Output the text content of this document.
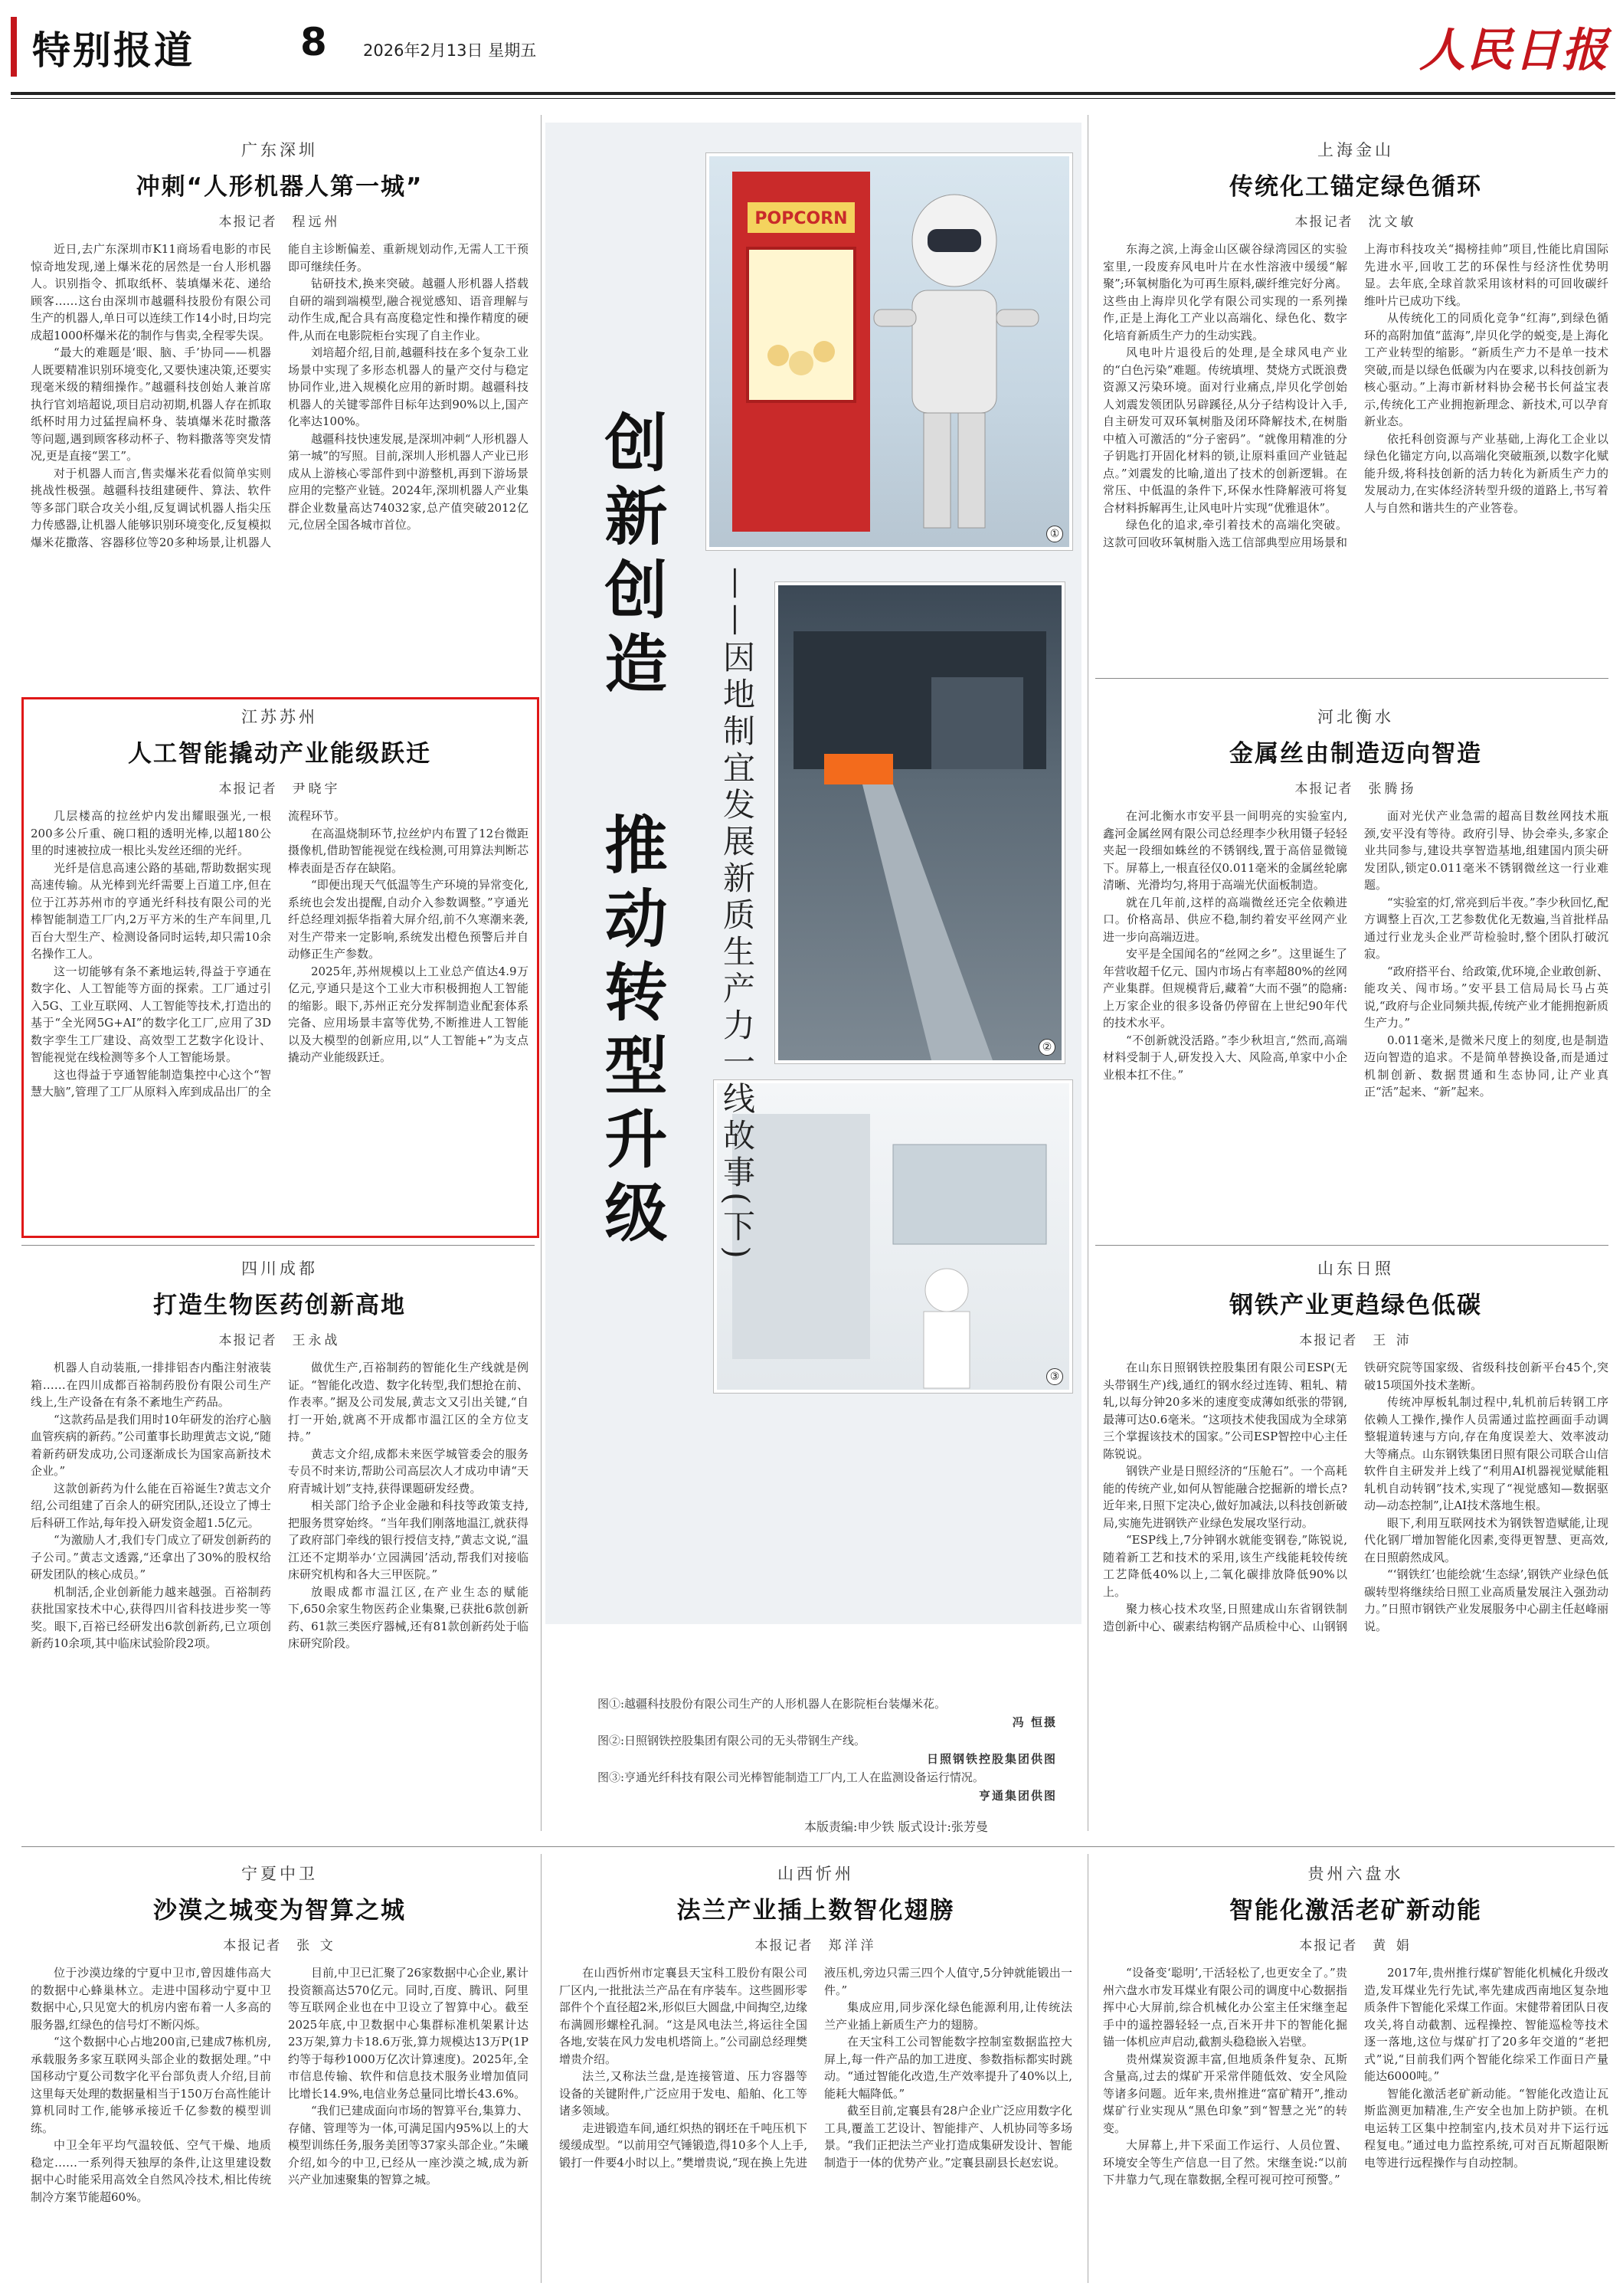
特别报道	8 2026年2月13日 星期五	人民日报
广东深圳
冲刺“人形机器人第一城”
本报记者 程远州

近日,去广东深圳市K11商场看电影的市民惊奇地发现,递上爆米花的居然是一台人形机器人。识别指令、抓取纸杯、装填爆米花、递给顾客……这台由深圳市越疆科技股份有限公司生产的机器人,单日可以连续工作14小时,日均完成超1000杯爆米花的制作与售卖,全程零失误。

“最大的难题是‘眼、脑、手’协同——机器人既要精准识别环境变化,又要快速决策,还要实现毫米级的精细操作。”越疆科技创始人兼首席执行官刘培超说,项目启动初期,机器人存在抓取纸杯时用力过猛捏扁杯身、装填爆米花时撒落等问题,遇到顾客移动杯子、物料撒落等突发情况,更是直接“罢工”。

对于机器人而言,售卖爆米花看似简单实则挑战性极强。越疆科技组建硬件、算法、软件等多部门联合攻关小组,反复调试机器人指尖压力传感器,让机器人能够识别环境变化,反复模拟爆米花撒落、容器移位等20多种场景,让机器人能自主诊断偏差、重新规划动作,无需人工干预即可继续任务。

钻研技术,换来突破。越疆人形机器人搭载自研的端到端模型,融合视觉感知、语音理解与动作生成,配合具有高度稳定性和操作精度的硬件,从而在电影院柜台实现了自主作业。

刘培超介绍,目前,越疆科技在多个复杂工业场景中实现了多形态机器人的量产交付与稳定协同作业,进入规模化应用的新时期。越疆科技机器人的关键零部件目标年达到90%以上,国产化率达100%。

越疆科技快速发展,是深圳冲刺“人形机器人第一城”的写照。目前,深圳人形机器人产业已形成从上游核心零部件到中游整机,再到下游场景应用的完整产业链。2024年,深圳机器人产业集群企业数量高达74032家,总产值突破2012亿元,位居全国各城市首位。

江苏苏州
人工智能撬动产业能级跃迁
本报记者 尹晓宇

几层楼高的拉丝炉内发出耀眼强光,一根200多公斤重、碗口粗的透明光棒,以超180公里的时速被拉成一根比头发丝还细的光纤。

光纤是信息高速公路的基础,帮助数据实现高速传输。从光棒到光纤需要上百道工序,但在位于江苏苏州市的亨通光纤科技有限公司的光棒智能制造工厂内,2万平方米的生产车间里,几百台大型生产、检测设备同时运转,却只需10余名操作工人。

这一切能够有条不紊地运转,得益于亨通在数字化、人工智能等方面的探索。工厂通过引入5G、工业互联网、人工智能等技术,打造出的基于“全光网5G+AI”的数字化工厂,应用了3D数字孪生工厂建设、高效型工艺数字化设计、智能视觉在线检测等多个人工智能场景。

这也得益于亨通智能制造集控中心这个“智慧大脑”,管理了工厂从原料入库到成品出厂的全流程环节。

在高温烧制环节,拉丝炉内布置了12台微距摄像机,借助智能视觉在线检测,可用算法判断芯棒表面是否存在缺陷。

“即便出现天气低温等生产环境的异常变化,系统也会发出提醒,自动介入参数调整。”亨通光纤总经理刘振华指着大屏介绍,前不久寒潮来袭,对生产带来一定影响,系统发出橙色预警后并自动修正生产参数。

2025年,苏州规模以上工业总产值达4.9万亿元,亨通只是这个工业大市积极拥抱人工智能的缩影。眼下,苏州正充分发挥制造业配套体系完备、应用场景丰富等优势,不断推进人工智能以及大模型的创新应用,以“人工智能+”为支点撬动产业能级跃迁。

四川成都
打造生物医药创新高地
本报记者 王永战

机器人自动装瓶,一排排铝杏内酯注射液装箱……在四川成都百裕制药股份有限公司生产线上,生产设备在有条不紊地生产药品。

“这款药品是我们用时10年研发的治疗心脑血管疾病的新药。”公司董事长助理黄志文说,“随着新药研发成功,公司逐渐成长为国家高新技术企业。”

这款创新药为什么能在百裕诞生?黄志文介绍,公司组建了百余人的研究团队,还设立了博士后科研工作站,每年投入研发资金超1.5亿元。

“为激励人才,我们专门成立了研发创新药的子公司。”黄志文透露,“还拿出了30%的股权给研发团队的核心成员。”

机制活,企业创新能力越来越强。百裕制药获批国家技术中心,获得四川省科技进步奖一等奖。眼下,百裕已经研发出6款创新药,已立项创新药10余项,其中临床试验阶段2项。

做优生产,百裕制药的智能化生产线就是例证。“智能化改造、数字化转型,我们想抢在前、作表率。”据及公司发展,黄志文又引出关键,“自打一开始,就离不开成都市温江区的全方位支持。”

黄志文介绍,成都未来医学城管委会的服务专员不时来访,帮助公司高层次人才成功申请“天府青城计划”支持,获得课题研发经费。

相关部门给予企业金融和科技等政策支持,把服务贯穿始终。“当年我们刚落地温江,就获得了政府部门牵线的银行授信支持,”黄志文说,“温江还不定期举办‘立园满园’活动,帮我们对接临床研究机构和各大三甲医院。”

放眼成都市温江区,在产业生态的赋能下,650余家生物医药企业集聚,已获批6款创新药、61款三类医疗器械,还有81款创新药处于临床研究阶段。

宁夏中卫
沙漠之城变为智算之城
本报记者 张 文

位于沙漠边缘的宁夏中卫市,曾因雄伟高大的数据中心蜂巢林立。走进中国移动宁夏中卫数据中心,只见宽大的机房内密布着一人多高的服务器,红绿色的信号灯不断闪烁。

“这个数据中心占地200亩,已建成7栋机房,承载服务多家互联网头部企业的数据处理。”中国移动宁夏公司数字化平台部负责人介绍,目前这里每天处理的数据量相当于150万台高性能计算机同时工作,能够承接近千亿参数的模型训练。

中卫全年平均气温较低、空气干燥、地质稳定……一系列得天独厚的条件,让这里建设数据中心时能采用高效全自然风冷技术,相比传统制冷方案节能超60%。

目前,中卫已汇聚了26家数据中心企业,累计投资额高达570亿元。同时,百度、腾讯、阿里等互联网企业也在中卫设立了智算中心。截至2025年底,中卫数据中心集群标准机架累计达23万架,算力卡18.6万张,算力规模达13万P(1P约等于每秒1000万亿次计算速度)。2025年,全市信息传输、软件和信息技术服务业增加值同比增长14.9%,电信业务总量同比增长43.6%。

“我们已建成面向市场的智算平台,集算力、存储、管理等为一体,可满足国内95%以上的大模型训练任务,服务美团等37家头部企业。”朱曦介绍,如今的中卫,已经从一座沙漠之城,成为新兴产业加速聚集的智算之城。

山西忻州
法兰产业插上数智化翅膀
本报记者 郑洋洋

在山西忻州市定襄县天宝科工股份有限公司厂区内,一批批法兰产品在有序装车。这些圆形零部件个个直径超2米,形似巨大圆盘,中间掏空,边缘布满圆形螺栓孔洞。“这是风电法兰,将运往全国各地,安装在风力发电机塔筒上。”公司副总经理樊增贵介绍。

法兰,又称法兰盘,是连接管道、压力容器等设备的关键附件,广泛应用于发电、船舶、化工等诸多领域。

走进锻造车间,通红炽热的钢坯在千吨压机下缓缓成型。“以前用空气锤锻造,得10多个人上手,锻打一件要4小时以上。”樊增贵说,“现在换上先进液压机,旁边只需三四个人值守,5分钟就能锻出一件。”

集成应用,同步深化绿色能源利用,让传统法兰产业插上新质生产力的翅膀。

在天宝科工公司智能数字控制室数据监控大屏上,每一件产品的加工进度、参数指标都实时跳动。“通过智能化改造,生产效率提升了40%以上,能耗大幅降低。”

截至目前,定襄县有28户企业广泛应用数字化工具,覆盖工艺设计、智能排产、人机协同等多场景。“我们正把法兰产业打造成集研发设计、智能制造于一体的优势产业。”定襄县副县长赵宏说。

上海金山
传统化工锚定绿色循环
本报记者 沈文敏

东海之滨,上海金山区碳谷绿湾园区的实验室里,一段废弃风电叶片在水性溶液中缓缓“解聚”;环氧树脂化为可再生原料,碳纤维完好分离。这些由上海岸贝化学有限公司实现的一系列操作,正是上海化工产业以高端化、绿色化、数字化培育新质生产力的生动实践。

风电叶片退役后的处理,是全球风电产业的“白色污染”难题。传统填埋、焚烧方式既浪费资源又污染环境。面对行业痛点,岸贝化学创始人刘震发领团队另辟蹊径,从分子结构设计入手,自主研发可双环氧树脂及闭环降解技术,在树脂中植入可激活的“分子密码”。“就像用精准的分子钥匙打开固化材料的锁,让原料重回产业链起点。”刘震发的比喻,道出了技术的创新逻辑。在常压、中低温的条件下,环保水性降解液可将复合材料拆解再生,让风电叶片实现“优雅退休”。

绿色化的追求,牵引着技术的高端化突破。这款可回收环氧树脂入选工信部典型应用场景和上海市科技攻关“揭榜挂帅”项目,性能比肩国际先进水平,回收工艺的环保性与经济性优势明显。去年底,全球首款采用该材料的可回收碳纤维叶片已成功下线。

从传统化工的同质化竞争“红海”,到绿色循环的高附加值“蓝海”,岸贝化学的蜕变,是上海化工产业转型的缩影。“新质生产力不是单一技术突破,而是以绿色低碳为内在要求,以科技创新为核心驱动。”上海市新材料协会秘书长何益宝表示,传统化工产业拥抱新理念、新技术,可以孕育新业态。

依托科创资源与产业基础,上海化工企业以绿色化锚定方向,以高端化突破瓶颈,以数字化赋能升级,将科技创新的活力转化为新质生产力的发展动力,在实体经济转型升级的道路上,书写着人与自然和谐共生的产业答卷。

河北衡水
金属丝由制造迈向智造
本报记者 张腾扬

在河北衡水市安平县一间明亮的实验室内,鑫河金属丝网有限公司总经理李少秋用镊子轻轻夹起一段细如蛛丝的不锈钢线,置于高倍显微镜下。屏幕上,一根直径仅0.011毫米的金属丝轮廓清晰、光滑均匀,将用于高端光伏面板制造。

就在几年前,这样的高端微丝还完全依赖进口。价格高昂、供应不稳,制约着安平丝网产业进一步向高端迈进。

安平是全国闻名的“丝网之乡”。这里诞生了年营收超千亿元、国内市场占有率超80%的丝网产业集群。但规模背后,藏着“大而不强”的隐痛:上万家企业的很多设备仍停留在上世纪90年代的技术水平。

“不创新就没活路。”李少秋坦言,“然而,高端材料受制于人,研发投入大、风险高,单家中小企业根本扛不住。”

面对光伏产业急需的超高目数丝网技术瓶颈,安平没有等待。政府引导、协会牵头,多家企业共同参与,建设共享智造基地,组建国内顶尖研发团队,锁定0.011毫米不锈钢微丝这一行业难题。

“实验室的灯,常亮到后半夜。”李少秋回忆,配方调整上百次,工艺参数优化无数遍,当首批样品通过行业龙头企业严苛检验时,整个团队打破沉寂。

“政府搭平台、给政策,优环境,企业敢创新、能攻关、闯市场。”安平县工信局局长马占英说,“政府与企业同频共振,传统产业才能拥抱新质生产力。”

0.011毫米,是微米尺度上的刻度,也是制造迈向智造的追求。不是简单替换设备,而是通过机制创新、数据贯通和生态协同,让产业真正“活”起来、“新”起来。

山东日照
钢铁产业更趋绿色低碳
本报记者 王 沛

在山东日照钢铁控股集团有限公司ESP(无头带钢生产)线,通红的钢水经过连铸、粗轧、精轧,以每分钟20多米的速度变成薄如纸张的带钢,最薄可达0.6毫米。“这项技术使我国成为全球第三个掌握该技术的国家。”公司ESP智控中心主任陈锐说。

钢铁产业是日照经济的“压舱石”。一个高耗能的传统产业,如何从智能融合挖掘新的增长点?近年来,日照下定决心,做好加减法,以科技创新破局,实施先进钢铁产业绿色发展攻坚行动。

“ESP线上,7分钟钢水就能变钢卷,”陈锐说,随着新工艺和技术的采用,该生产线能耗较传统工艺降低40%以上,二氧化碳排放降低90%以上。

聚力核心技术攻坚,日照建成山东省钢铁制造创新中心、碳素结构钢产品质检中心、山钢钢铁研究院等国家级、省级科技创新平台45个,突破15项国外技术垄断。

传统冲厚板轧制过程中,轧机前后转钢工序依赖人工操作,操作人员需通过监控画面手动调整辊道转速与方向,存在角度误差大、效率波动大等痛点。山东钢铁集团日照有限公司联合山信软件自主研发并上线了“利用AI机器视觉赋能粗轧机自动转钢”技术,实现了“视觉感知—数据驱动—动态控制”,让AI技术落地生根。

眼下,利用互联网技术为钢铁智造赋能,让现代化钢厂增加智能化因素,变得更智慧、更高效,在日照蔚然成风。

“‘钢铁红’也能绘就‘生态绿’,钢铁产业绿色低碳转型将继续给日照工业高质量发展注入强劲动力。”日照市钢铁产业发展服务中心副主任赵峰丽说。

贵州六盘水
智能化激活老矿新动能
本报记者 黄 娟

“设备变‘聪明’,干活轻松了,也更安全了。”贵州六盘水市发耳煤业有限公司的调度中心数据指挥中心大屏前,综合机械化办公室主任宋继奎起手中的遥控器轻轻一点,百米开井下的智能化掘锚一体机应声启动,截割头稳稳嵌入岩壁。

贵州煤炭资源丰富,但地质条件复杂、瓦斯含量高,过去的煤矿开采常伴随低效、安全风险等诸多问题。近年来,贵州推进“富矿精开”,推动煤矿行业实现从“黑色印象”到“智慧之光”的转变。

大屏幕上,井下采面工作运行、人员位置、环境安全等生产信息一目了然。宋继奎说:“以前下井靠力气,现在靠数据,全程可视可控可预警。”

2017年,贵州推行煤矿智能化机械化升级改造,发耳煤业先行先试,率先建成西南地区复杂地质条件下智能化采煤工作面。宋健带着团队日夜攻关,将自动截割、远程操控、智能巡检等技术逐一落地,这位与煤矿打了20多年交道的“老把式”说,“目前我们两个智能化综采工作面日产量能达6000吨。”

智能化激活老矿新动能。“智能化改造让瓦斯监测更加精准,生产安全也加上防护锁。在机电运转工区集中控制室内,技术员对井下运行远程复电。”通过电力监控系统,可对百瓦斯超限断电等进行远程操作与自动控制。

POPCORN
①
②
③
创新创造
推动转型升级 ——因地制宜发展新质生产力一线故事(下)
图①:越疆科技股份有限公司生产的人形机器人在影院柜台装爆米花。
冯 恒摄
图②:日照钢铁控股集团有限公司的无头带钢生产线。
日照钢铁控股集团供图
图③:亨通光纤科技有限公司光棒智能制造工厂内,工人在监测设备运行情况。
亨通集团供图
本版责编:申少铁 版式设计:张芳曼
